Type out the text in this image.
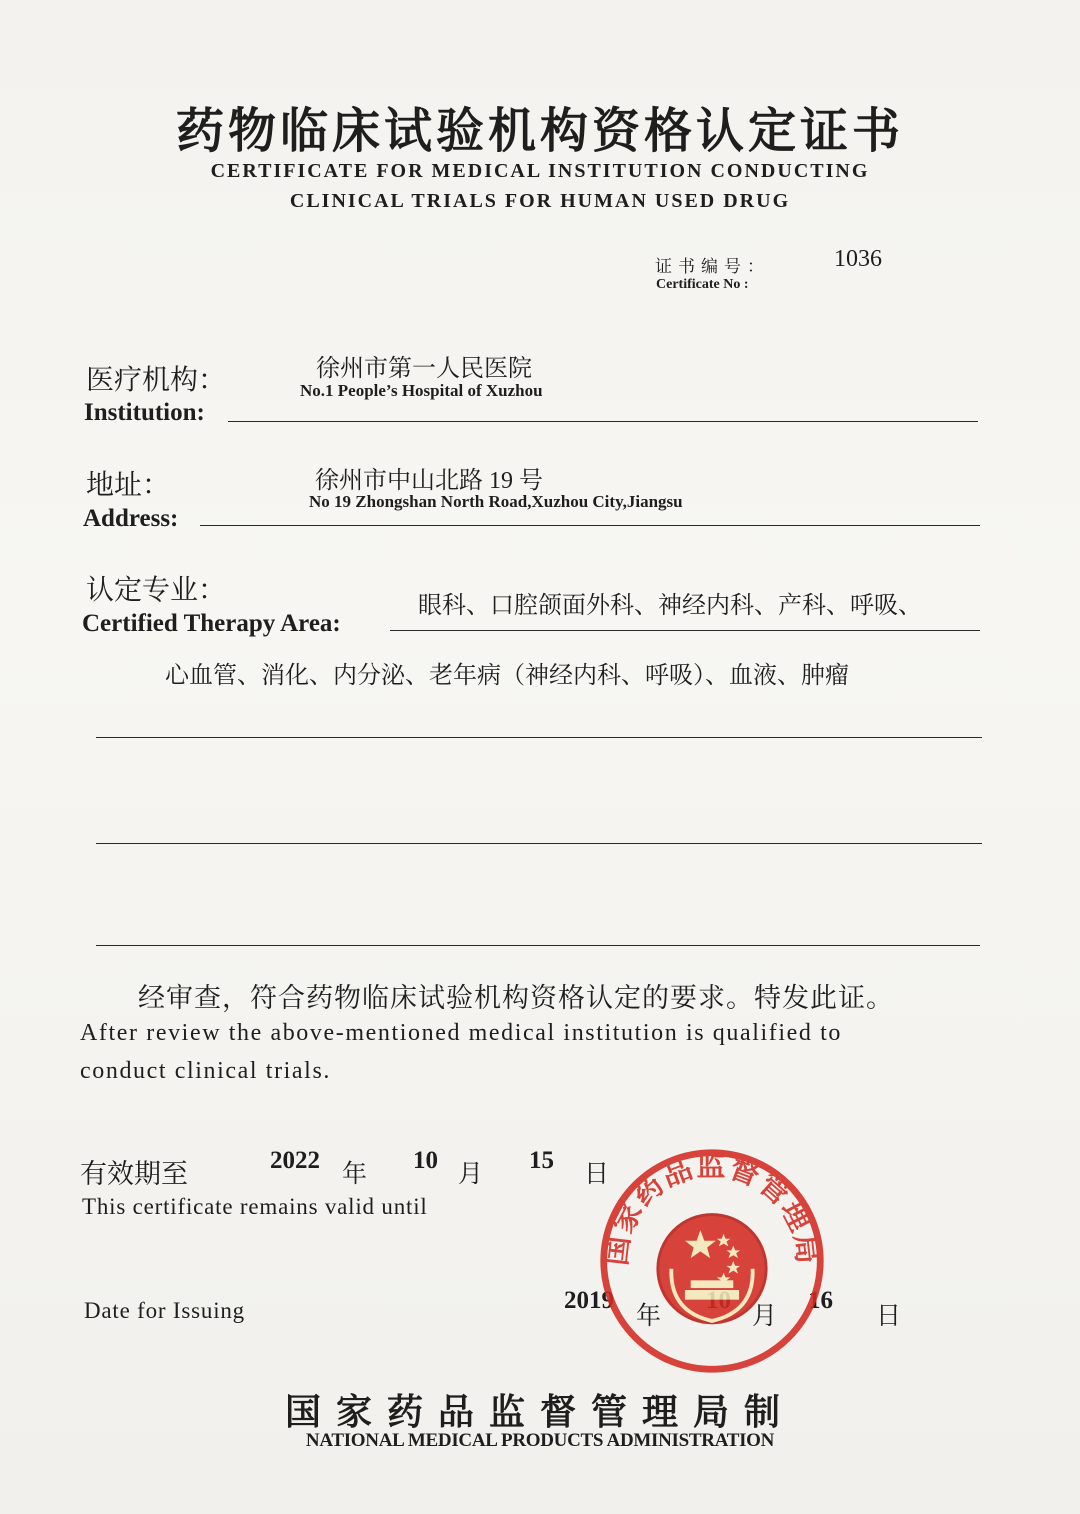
药物临床试验机构资格认定证书
CERTIFICATE FOR MEDICAL INSTITUTION CONDUCTING
CLINICAL TRIALS FOR HUMAN USED DRUG
证书编号：
Certificate No :
1036
医疗机构：
Institution:
徐州市第一人民医院
No.1 People’s Hospital of Xuzhou
地址：
Address:
徐州市中山北路 19 号
No 19 Zhongshan North Road,Xuzhou City,Jiangsu
认定专业：
Certified Therapy Area:
眼科、口腔颌面外科、神经内科、产科、呼吸、
心血管、消化、内分泌、老年病（神经内科、呼吸）、血液、肿瘤
经审查，符合药物临床试验机构资格认定的要求。特发此证。
After review the above-mentioned medical institution is qualified to
conduct clinical trials.
有效期至
This certificate remains valid until
2022
年
10
月
15
日
Date for Issuing	2019
年	月
16
日
国家药品监督管理局
国家药品监督管理局制
NATIONAL MEDICAL PRODUCTS ADMINISTRATION
